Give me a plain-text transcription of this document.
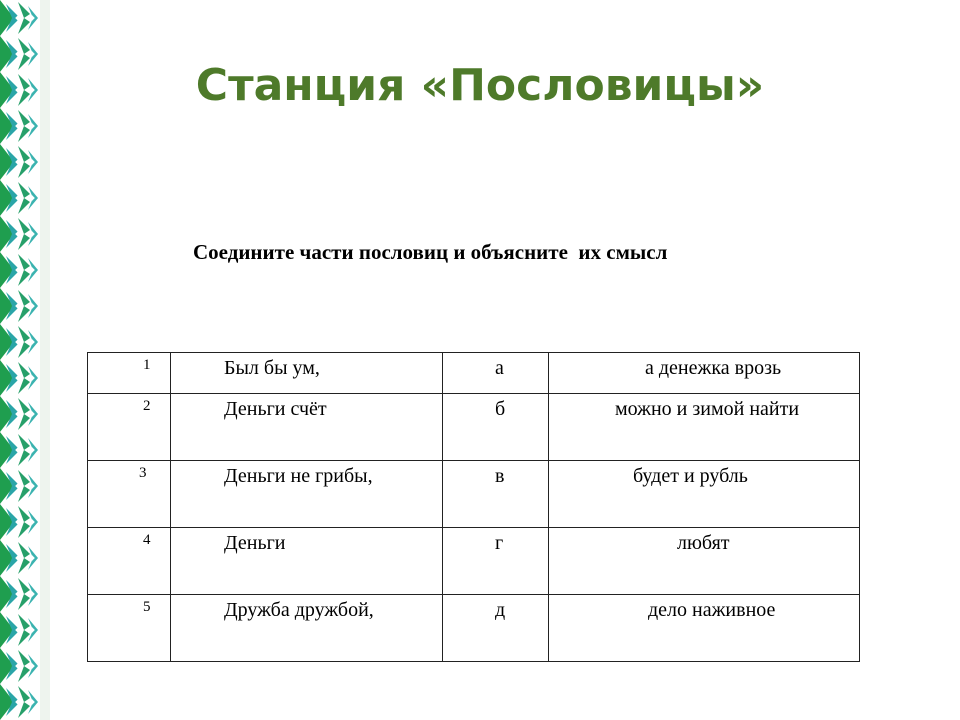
Станция «Пословицы»
Соедините части пословиц и объясните  их смысл
1	Был бы ум,	а	а денежка врозь
2	Деньги счёт	б	можно и зимой найти
3	Деньги не грибы,	в	будет и рубль
4	Деньги	г	любят
5	Дружба дружбой,	д	дело наживное
